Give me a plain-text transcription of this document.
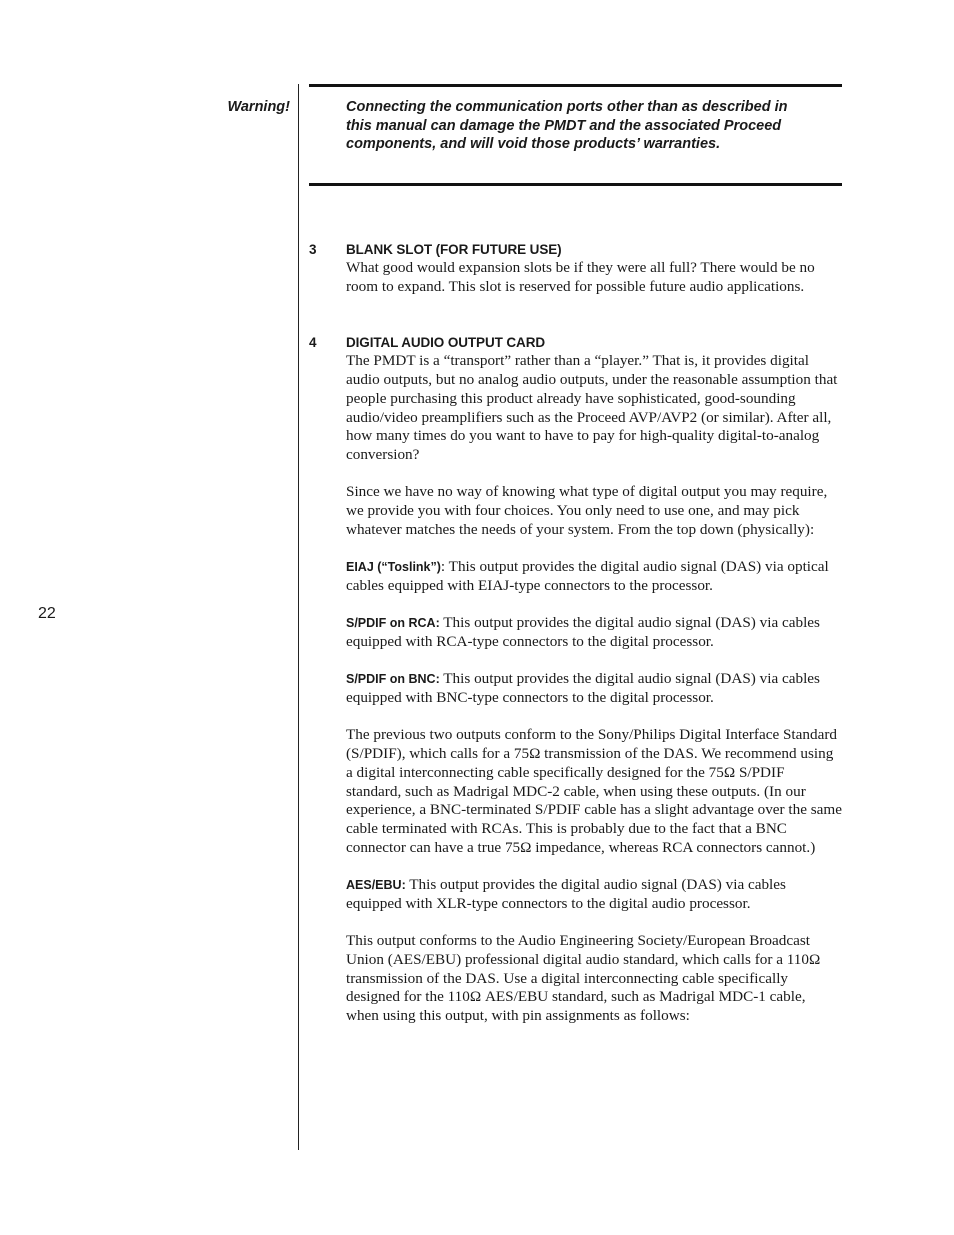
Warning!	Connecting the communication ports other than as described in this manual can damage the PMDT and the associated Proceed components, and will void those products’ warranties.
22
3 BLANK SLOT (FOR FUTURE USE)

What good would expansion slots be if they were all full? There would be no room to expand. This slot is reserved for possible future audio applications.

4 DIGITAL AUDIO OUTPUT CARD

The PMDT is a “transport” rather than a “player.” That is, it provides digital audio outputs, but no analog audio outputs, under the reasonable assumption that people purchasing this product already have sophisticated, good-sounding audio/video preamplifiers such as the Proceed AVP/AVP2 (or similar). After all, how many times do you want to have to pay for high-quality digital-to-analog conversion?

Since we have no way of knowing what type of digital output you may require, we provide you with four choices. You only need to use one, and may pick whatever matches the needs of your system. From the top down (physically):

EIAJ (“Toslink”): This output provides the digital audio signal (DAS) via optical cables equipped with EIAJ-type connectors to the processor.

S/PDIF on RCA: This output provides the digital audio signal (DAS) via cables equipped with RCA-type connectors to the digital processor.

S/PDIF on BNC: This output provides the digital audio signal (DAS) via cables equipped with BNC-type connectors to the digital processor.

The previous two outputs conform to the Sony/Philips Digital Interface Standard (S/PDIF), which calls for a 75Ω transmission of the DAS. We recommend using a digital interconnecting cable specifically designed for the 75Ω S/PDIF standard, such as Madrigal MDC-2 cable, when using these outputs. (In our experience, a BNC-terminated S/PDIF cable has a slight advantage over the same cable terminated with RCAs. This is probably due to the fact that a BNC connector can have a true 75Ω impedance, whereas RCA connectors cannot.)

AES/EBU: This output provides the digital audio signal (DAS) via cables equipped with XLR-type connectors to the digital audio processor.

This output conforms to the Audio Engineering Society/European Broadcast Union (AES/EBU) professional digital audio standard, which calls for a 110Ω transmission of the DAS. Use a digital interconnecting cable specifically designed for the 110Ω AES/EBU standard, such as Madrigal MDC-1 cable, when using this output, with pin assignments as follows:
